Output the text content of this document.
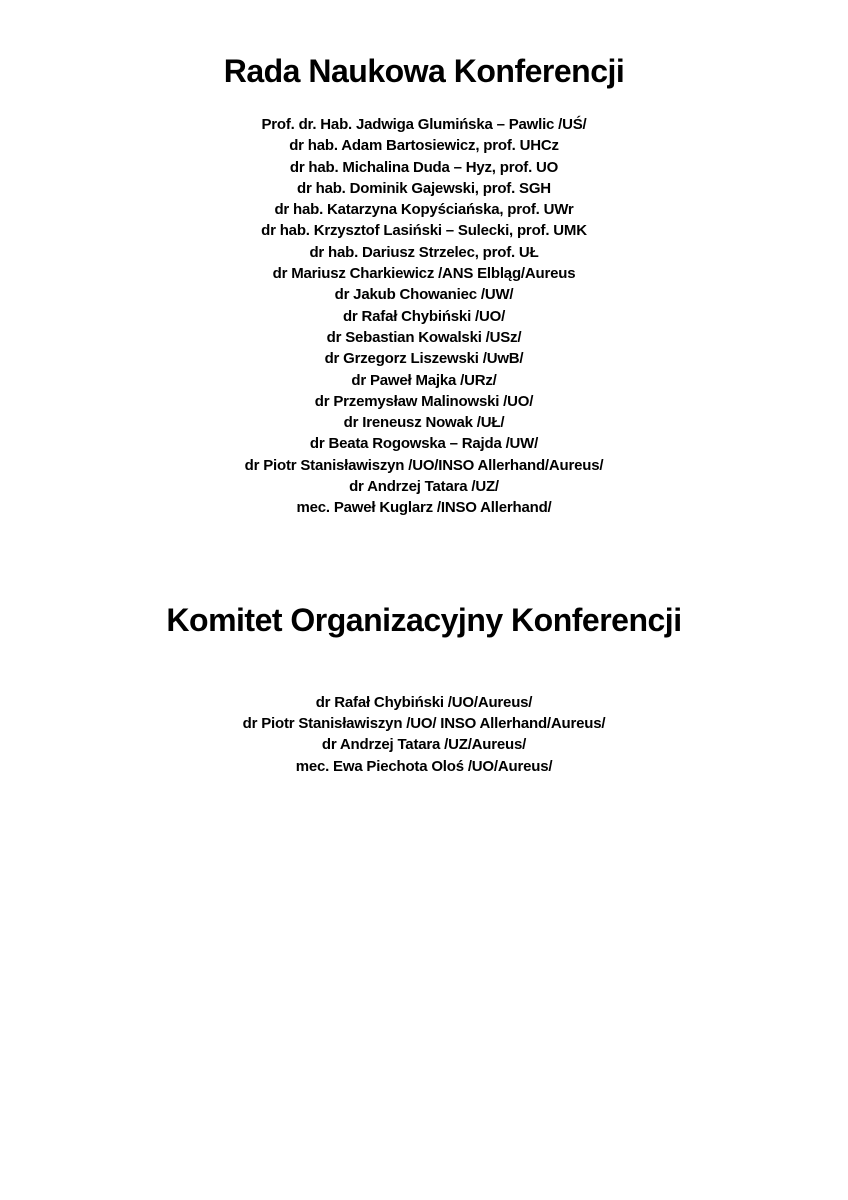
Rada Naukowa Konferencji
Prof. dr. Hab. Jadwiga Glumińska – Pawlic /UŚ/
dr hab. Adam Bartosiewicz, prof. UHCz
dr hab. Michalina Duda – Hyz, prof. UO
dr hab. Dominik Gajewski, prof. SGH
dr hab. Katarzyna Kopyściańska, prof. UWr
dr hab. Krzysztof Lasiński – Sulecki, prof. UMK
dr hab. Dariusz Strzelec, prof. UŁ
dr Mariusz Charkiewicz /ANS Elbląg/Aureus
dr Jakub Chowaniec /UW/
dr Rafał Chybiński /UO/
dr Sebastian Kowalski /USz/
dr Grzegorz Liszewski /UwB/
dr Paweł Majka /URz/
dr Przemysław Malinowski /UO/
dr Ireneusz Nowak /UŁ/
dr Beata Rogowska – Rajda /UW/
dr Piotr Stanisławiszyn /UO/INSO Allerhand/Aureus/
dr Andrzej Tatara /UZ/
mec. Paweł Kuglarz /INSO Allerhand/
Komitet Organizacyjny Konferencji
dr Rafał Chybiński /UO/Aureus/
dr Piotr Stanisławiszyn /UO/ INSO Allerhand/Aureus/
dr Andrzej Tatara /UZ/Aureus/
mec. Ewa Piechota Oloś /UO/Aureus/
